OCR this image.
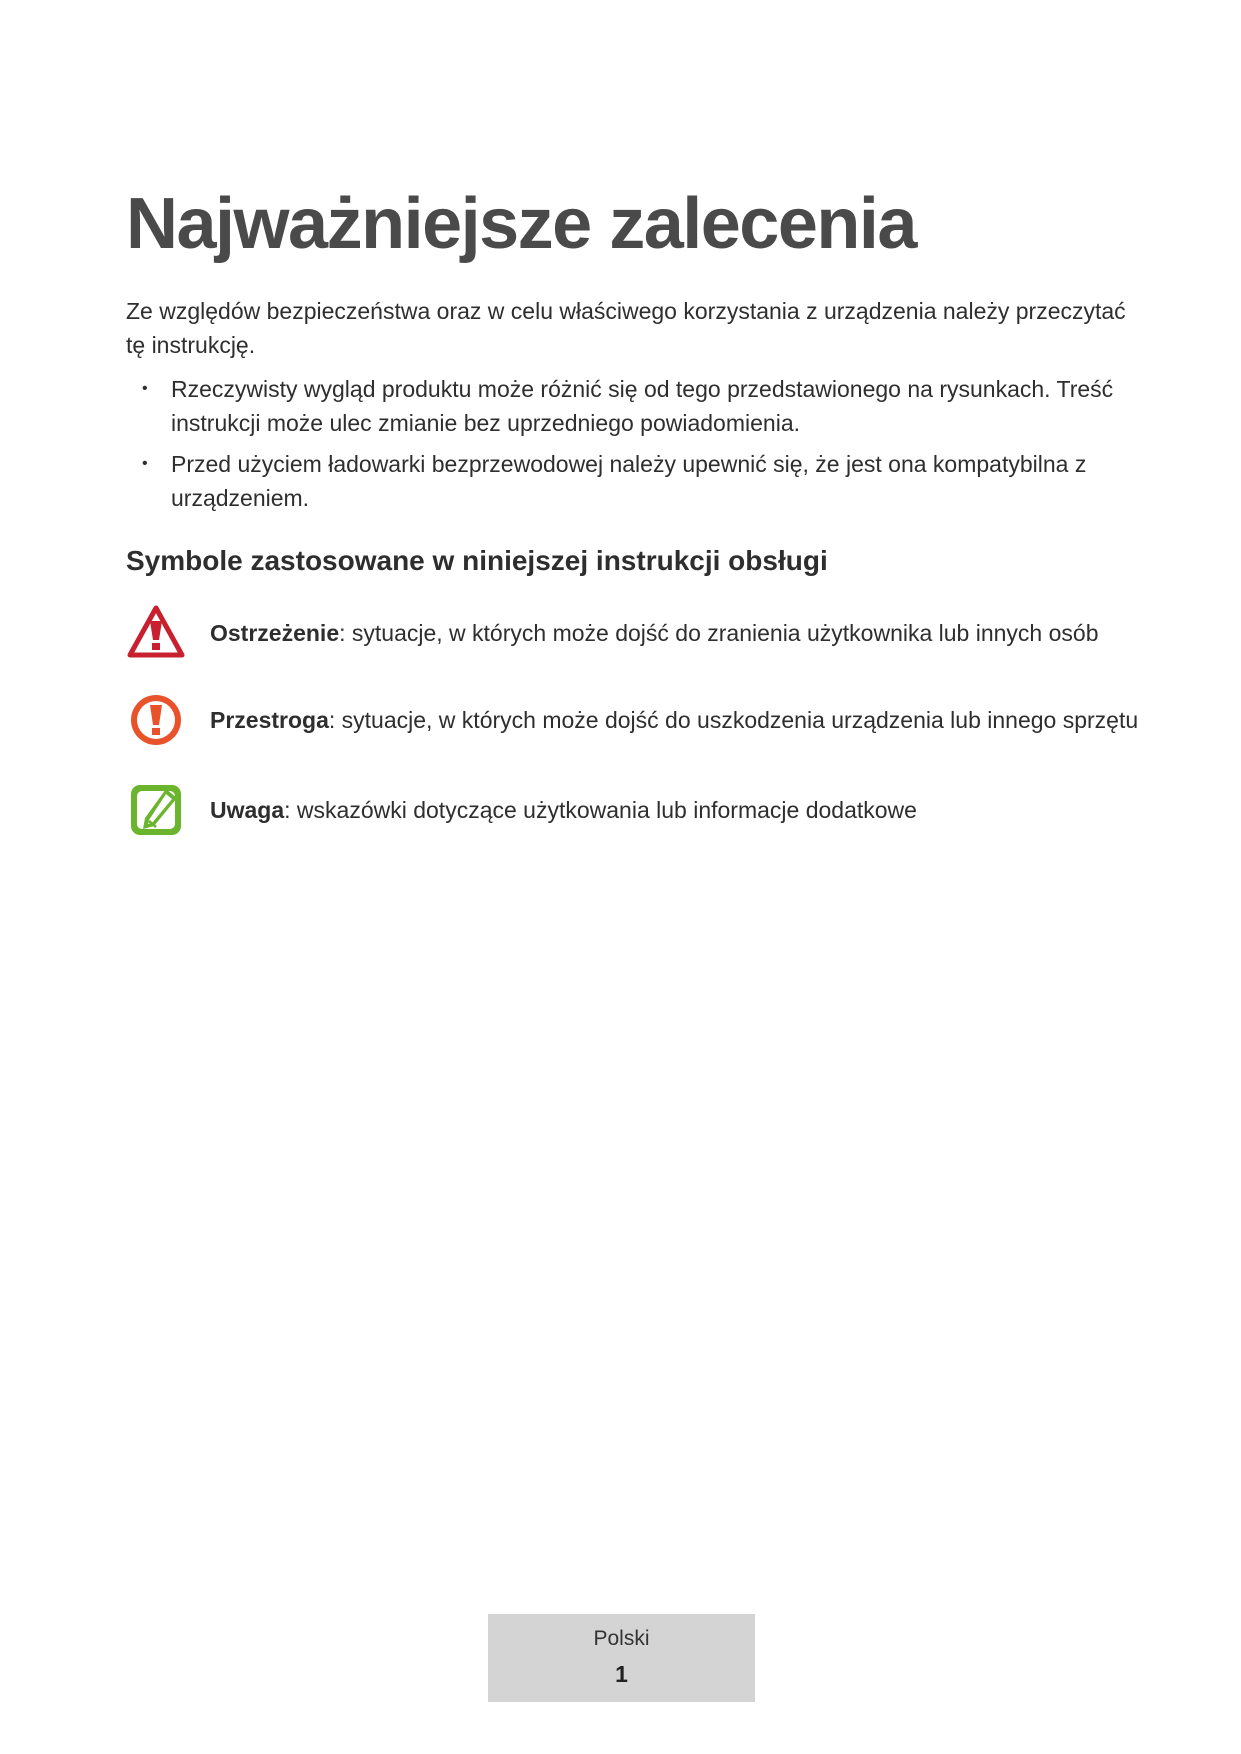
Najważniejsze zalecenia

Ze względów bezpieczeństwa oraz w celu właściwego korzystania z urządzenia należy przeczytać tę instrukcję.

• Rzeczywisty wygląd produktu może różnić się od tego przedstawionego na rysunkach. Treść instrukcji może ulec zmianie bez uprzedniego powiadomienia.
• Przed użyciem ładowarki bezprzewodowej należy upewnić się, że jest ona kompatybilna z urządzeniem.
Symbole zastosowane w niniejszej instrukcji obsługi
Ostrzeżenie: sytuacje, w których może dojść do zranienia użytkownika lub innych osób
Przestroga: sytuacje, w których może dojść do uszkodzenia urządzenia lub innego sprzętu
Uwaga: wskazówki dotyczące użytkowania lub informacje dodatkowe
Polski
1
